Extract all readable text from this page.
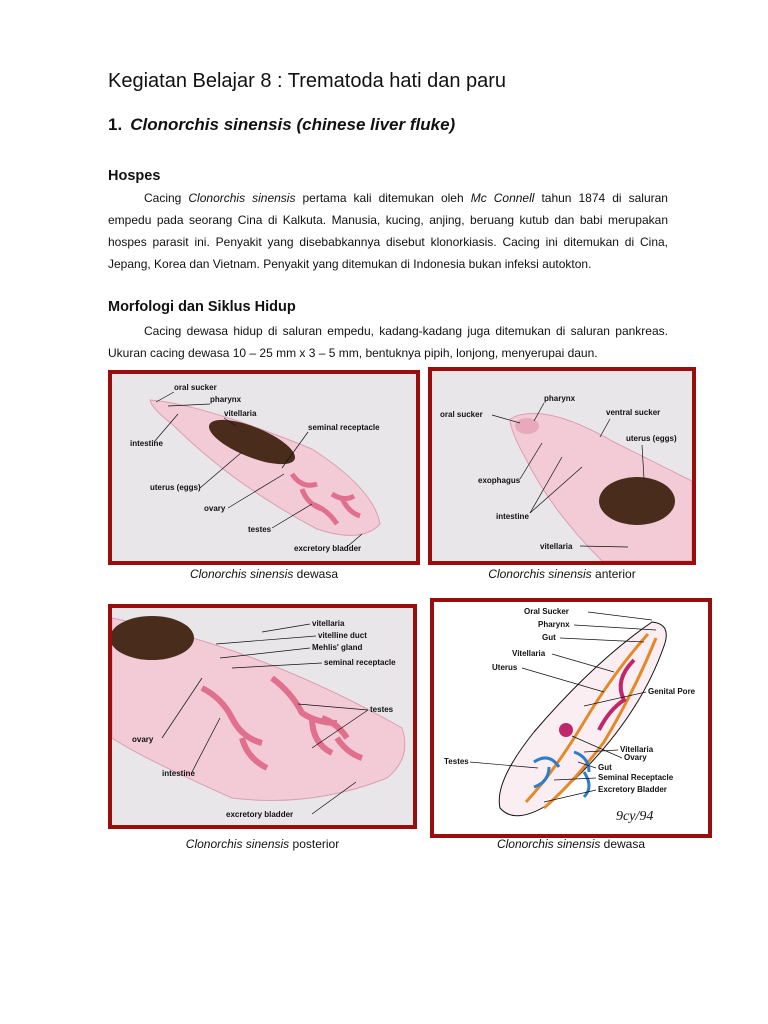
Kegiatan Belajar 8 : Trematoda hati dan paru
1. Clonorchis sinensis (chinese liver fluke)
Hospes

Cacing Clonorchis sinensis pertama kali ditemukan oleh Mc Connell tahun 1874 di saluran empedu pada seorang Cina di Kalkuta. Manusia, kucing, anjing, beruang kutub dan babi merupakan hospes parasit ini. Penyakit yang disebabkannya disebut klonorkiasis. Cacing ini ditemukan di Cina, Jepang, Korea dan Vietnam. Penyakit yang ditemukan di Indonesia bukan infeksi autokton.

Morfologi dan Siklus Hidup

Cacing dewasa hidup di saluran empedu, kadang-kadang juga ditemukan di saluran pankreas. Ukuran cacing dewasa 10 – 25 mm x 3 – 5 mm, bentuknya pipih, lonjong, menyerupai daun.

oral sucker
pharynx
vitellaria
seminal receptacle
intestine
uterus (eggs)
ovary
testes
excretory bladder
Clonorchis sinensis dewasa
pharynx
oral sucker	ventral sucker
uterus (eggs)
exophagus
intestine
vitellaria
Clonorchis sinensis anterior
vitellaria
vitelline duct
Mehlis' gland
seminal receptacle
testes
ovary
intestine
excretory bladder
Clonorchis sinensis posterior
Oral Sucker
Pharynx
Gut
Vitellaria
Uterus
Genital Pore
Vitellaria
Ovary
Gut
Testes
Seminal Receptacle
Excretory Bladder
9cy/94
Clonorchis sinensis dewasa
